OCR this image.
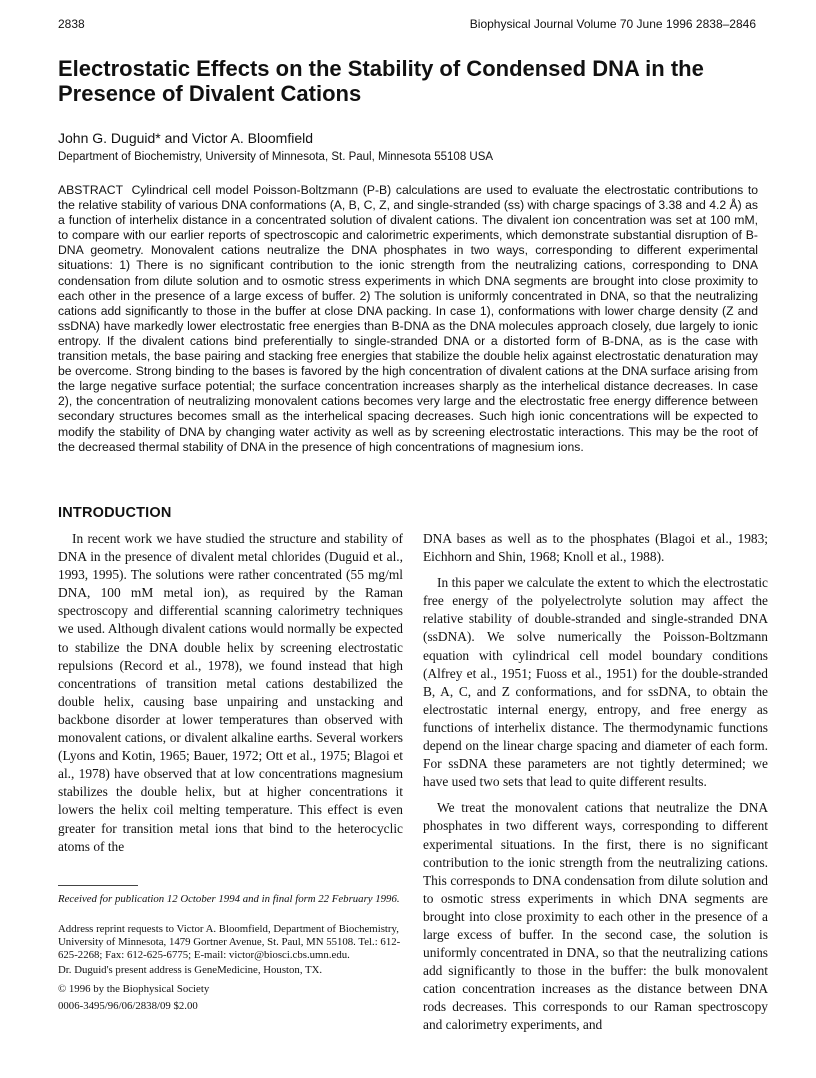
2838	Biophysical Journal Volume 70 June 1996 2838–2846
Electrostatic Effects on the Stability of Condensed DNA in the Presence of Divalent Cations
John G. Duguid* and Victor A. Bloomfield
Department of Biochemistry, University of Minnesota, St. Paul, Minnesota 55108 USA

ABSTRACT Cylindrical cell model Poisson-Boltzmann (P-B) calculations are used to evaluate the electrostatic contributions to the relative stability of various DNA conformations (A, B, C, Z, and single-stranded (ss) with charge spacings of 3.38 and 4.2 Å) as a function of interhelix distance in a concentrated solution of divalent cations. The divalent ion concentration was set at 100 mM, to compare with our earlier reports of spectroscopic and calorimetric experiments, which demonstrate substantial disruption of B-DNA geometry. Monovalent cations neutralize the DNA phosphates in two ways, corresponding to different experimental situations: 1) There is no significant contribution to the ionic strength from the neutralizing cations, corresponding to DNA condensation from dilute solution and to osmotic stress experiments in which DNA segments are brought into close proximity to each other in the presence of a large excess of buffer. 2) The solution is uniformly concentrated in DNA, so that the neutralizing cations add significantly to those in the buffer at close DNA packing. In case 1), conformations with lower charge density (Z and ssDNA) have markedly lower electrostatic free energies than B-DNA as the DNA molecules approach closely, due largely to ionic entropy. If the divalent cations bind preferentially to single-stranded DNA or a distorted form of B-DNA, as is the case with transition metals, the base pairing and stacking free energies that stabilize the double helix against electrostatic denaturation may be overcome. Strong binding to the bases is favored by the high concentration of divalent cations at the DNA surface arising from the large negative surface potential; the surface concentration increases sharply as the interhelical distance decreases. In case 2), the concentration of neutralizing monovalent cations becomes very large and the electrostatic free energy difference between secondary structures becomes small as the interhelical spacing decreases. Such high ionic concentrations will be expected to modify the stability of DNA by changing water activity as well as by screening electrostatic interactions. This may be the root of the decreased thermal stability of DNA in the presence of high concentrations of magnesium ions.

INTRODUCTION

In recent work we have studied the structure and stability of DNA in the presence of divalent metal chlorides (Duguid et al., 1993, 1995). The solutions were rather concentrated (55 mg/ml DNA, 100 mM metal ion), as required by the Raman spectroscopy and differential scanning calorimetry techniques we used. Although divalent cations would normally be expected to stabilize the DNA double helix by screening electrostatic repulsions (Record et al., 1978), we found instead that high concentrations of transition metal cations destabilized the double helix, causing base unpairing and unstacking and backbone disorder at lower temperatures than observed with monovalent cations, or divalent alkaline earths. Several workers (Lyons and Kotin, 1965; Bauer, 1972; Ott et al., 1975; Blagoi et al., 1978) have observed that at low concentrations magnesium stabilizes the double helix, but at higher concentrations it lowers the helix coil melting temperature. This effect is even greater for transition metal ions that bind to the heterocyclic atoms of the

DNA bases as well as to the phosphates (Blagoi et al., 1983; Eichhorn and Shin, 1968; Knoll et al., 1988).

In this paper we calculate the extent to which the electrostatic free energy of the polyelectrolyte solution may affect the relative stability of double-stranded and single-stranded DNA (ssDNA). We solve numerically the Poisson-Boltzmann equation with cylindrical cell model boundary conditions (Alfrey et al., 1951; Fuoss et al., 1951) for the double-stranded B, A, C, and Z conformations, and for ssDNA, to obtain the electrostatic internal energy, entropy, and free energy as functions of interhelix distance. The thermodynamic functions depend on the linear charge spacing and diameter of each form. For ssDNA these parameters are not tightly determined; we have used two sets that lead to quite different results.

We treat the monovalent cations that neutralize the DNA phosphates in two different ways, corresponding to different experimental situations. In the first, there is no significant contribution to the ionic strength from the neutralizing cations. This corresponds to DNA condensation from dilute solution and to osmotic stress experiments in which DNA segments are brought into close proximity to each other in the presence of a large excess of buffer. In the second case, the solution is uniformly concentrated in DNA, so that the neutralizing cations add significantly to those in the buffer: the bulk monovalent cation concentration increases as the distance between DNA rods decreases. This corresponds to our Raman spectroscopy and calorimetry experiments, and

Received for publication 12 October 1994 and in final form 22 February 1996.
Address reprint requests to Victor A. Bloomfield, Department of Biochemistry, University of Minnesota, 1479 Gortner Avenue, St. Paul, MN 55108. Tel.: 612-625-2268; Fax: 612-625-6775; E-mail: victor@biosci.cbs.umn.edu.
Dr. Duguid's present address is GeneMedicine, Houston, TX.
© 1996 by the Biophysical Society
0006-3495/96/06/2838/09 $2.00
